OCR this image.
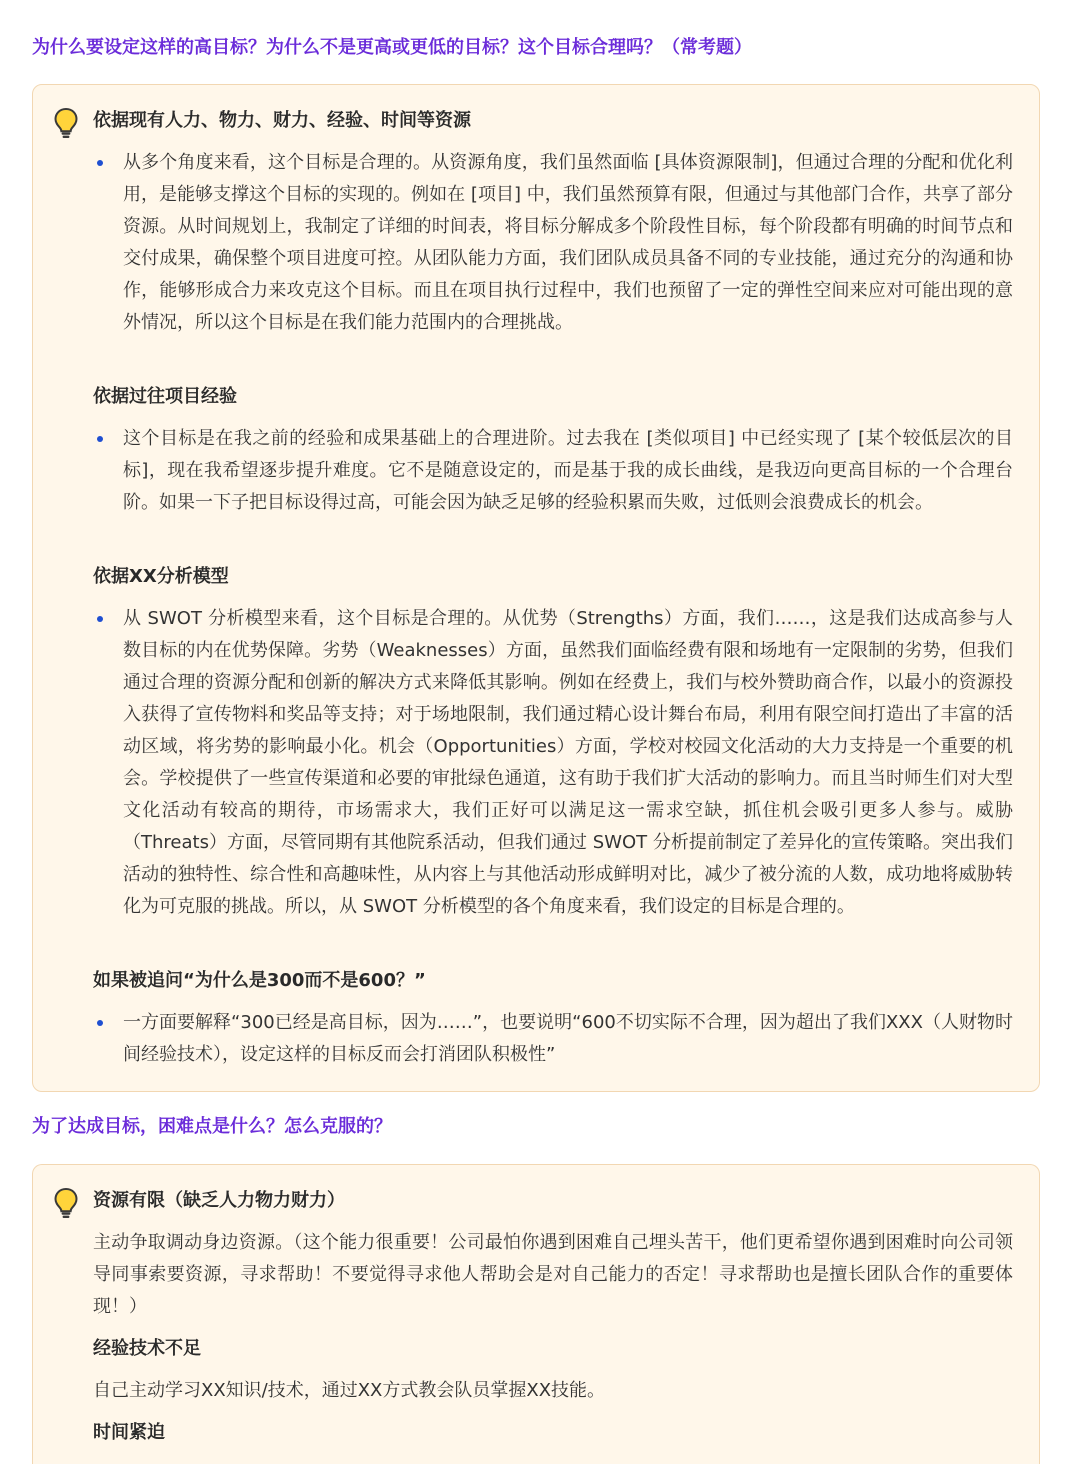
为什么要设定这样的高目标？为什么不是更高或更低的目标？这个目标合理吗？（常考题）
依据现有人力、物力、财力、经验、时间等资源
从多个角度来看，这个目标是合理的。从资源角度，我们虽然面临 [具体资源限制]，但通过合理的分配和优化利用，是能够支撑这个目标的实现的。例如在 [项目] 中，我们虽然预算有限，但通过与其他部门合作，共享了部分资源。从时间规划上，我制定了详细的时间表，将目标分解成多个阶段性目标，每个阶段都有明确的时间节点和交付成果，确保整个项目进度可控。从团队能力方面，我们团队成员具备不同的专业技能，通过充分的沟通和协作，能够形成合力来攻克这个目标。而且在项目执行过程中，我们也预留了一定的弹性空间来应对可能出现的意外情况，所以这个目标是在我们能力范围内的合理挑战。
依据过往项目经验
这个目标是在我之前的经验和成果基础上的合理进阶。过去我在 [类似项目] 中已经实现了 [某个较低层次的目标]，现在我希望逐步提升难度。它不是随意设定的，而是基于我的成长曲线，是我迈向更高目标的一个合理台阶。如果一下子把目标设得过高，可能会因为缺乏足够的经验积累而失败，过低则会浪费成长的机会。
依据XX分析模型
从 SWOT 分析模型来看，这个目标是合理的。从优势（Strengths）方面，我们……，这是我们达成高参与人数目标的内在优势保障。劣势（Weaknesses）方面，虽然我们面临经费有限和场地有一定限制的劣势，但我们通过合理的资源分配和创新的解决方式来降低其影响。例如在经费上，我们与校外赞助商合作，以最小的资源投入获得了宣传物料和奖品等支持；对于场地限制，我们通过精心设计舞台布局，利用有限空间打造出了丰富的活动区域，将劣势的影响最小化。机会（Opportunities）方面，学校对校园文化活动的大力支持是一个重要的机会。学校提供了一些宣传渠道和必要的审批绿色通道，这有助于我们扩大活动的影响力。而且当时师生们对大型文化活动有较高的期待，市场需求大，我们正好可以满足这一需求空缺，抓住机会吸引更多人参与。威胁（Threats）方面，尽管同期有其他院系活动，但我们通过 SWOT 分析提前制定了差异化的宣传策略。突出我们活动的独特性、综合性和高趣味性，从内容上与其他活动形成鲜明对比，减少了被分流的人数，成功地将威胁转化为可克服的挑战。所以，从 SWOT 分析模型的各个角度来看，我们设定的目标是合理的。
如果被追问“为什么是300而不是600？”
一方面要解释“300已经是高目标，因为……”，也要说明“600不切实际不合理，因为超出了我们XXX（人财物时间经验技术），设定这样的目标反而会打消团队积极性”
为了达成目标，困难点是什么？怎么克服的？
资源有限（缺乏人力物力财力）
主动争取调动身边资源。（这个能力很重要！公司最怕你遇到困难自己埋头苦干，他们更希望你遇到困难时向公司领导同事索要资源，寻求帮助！不要觉得寻求他人帮助会是对自己能力的否定！寻求帮助也是擅长团队合作的重要体现！）
经验技术不足
自己主动学习XX知识/技术，通过XX方式教会队员掌握XX技能。
时间紧迫
